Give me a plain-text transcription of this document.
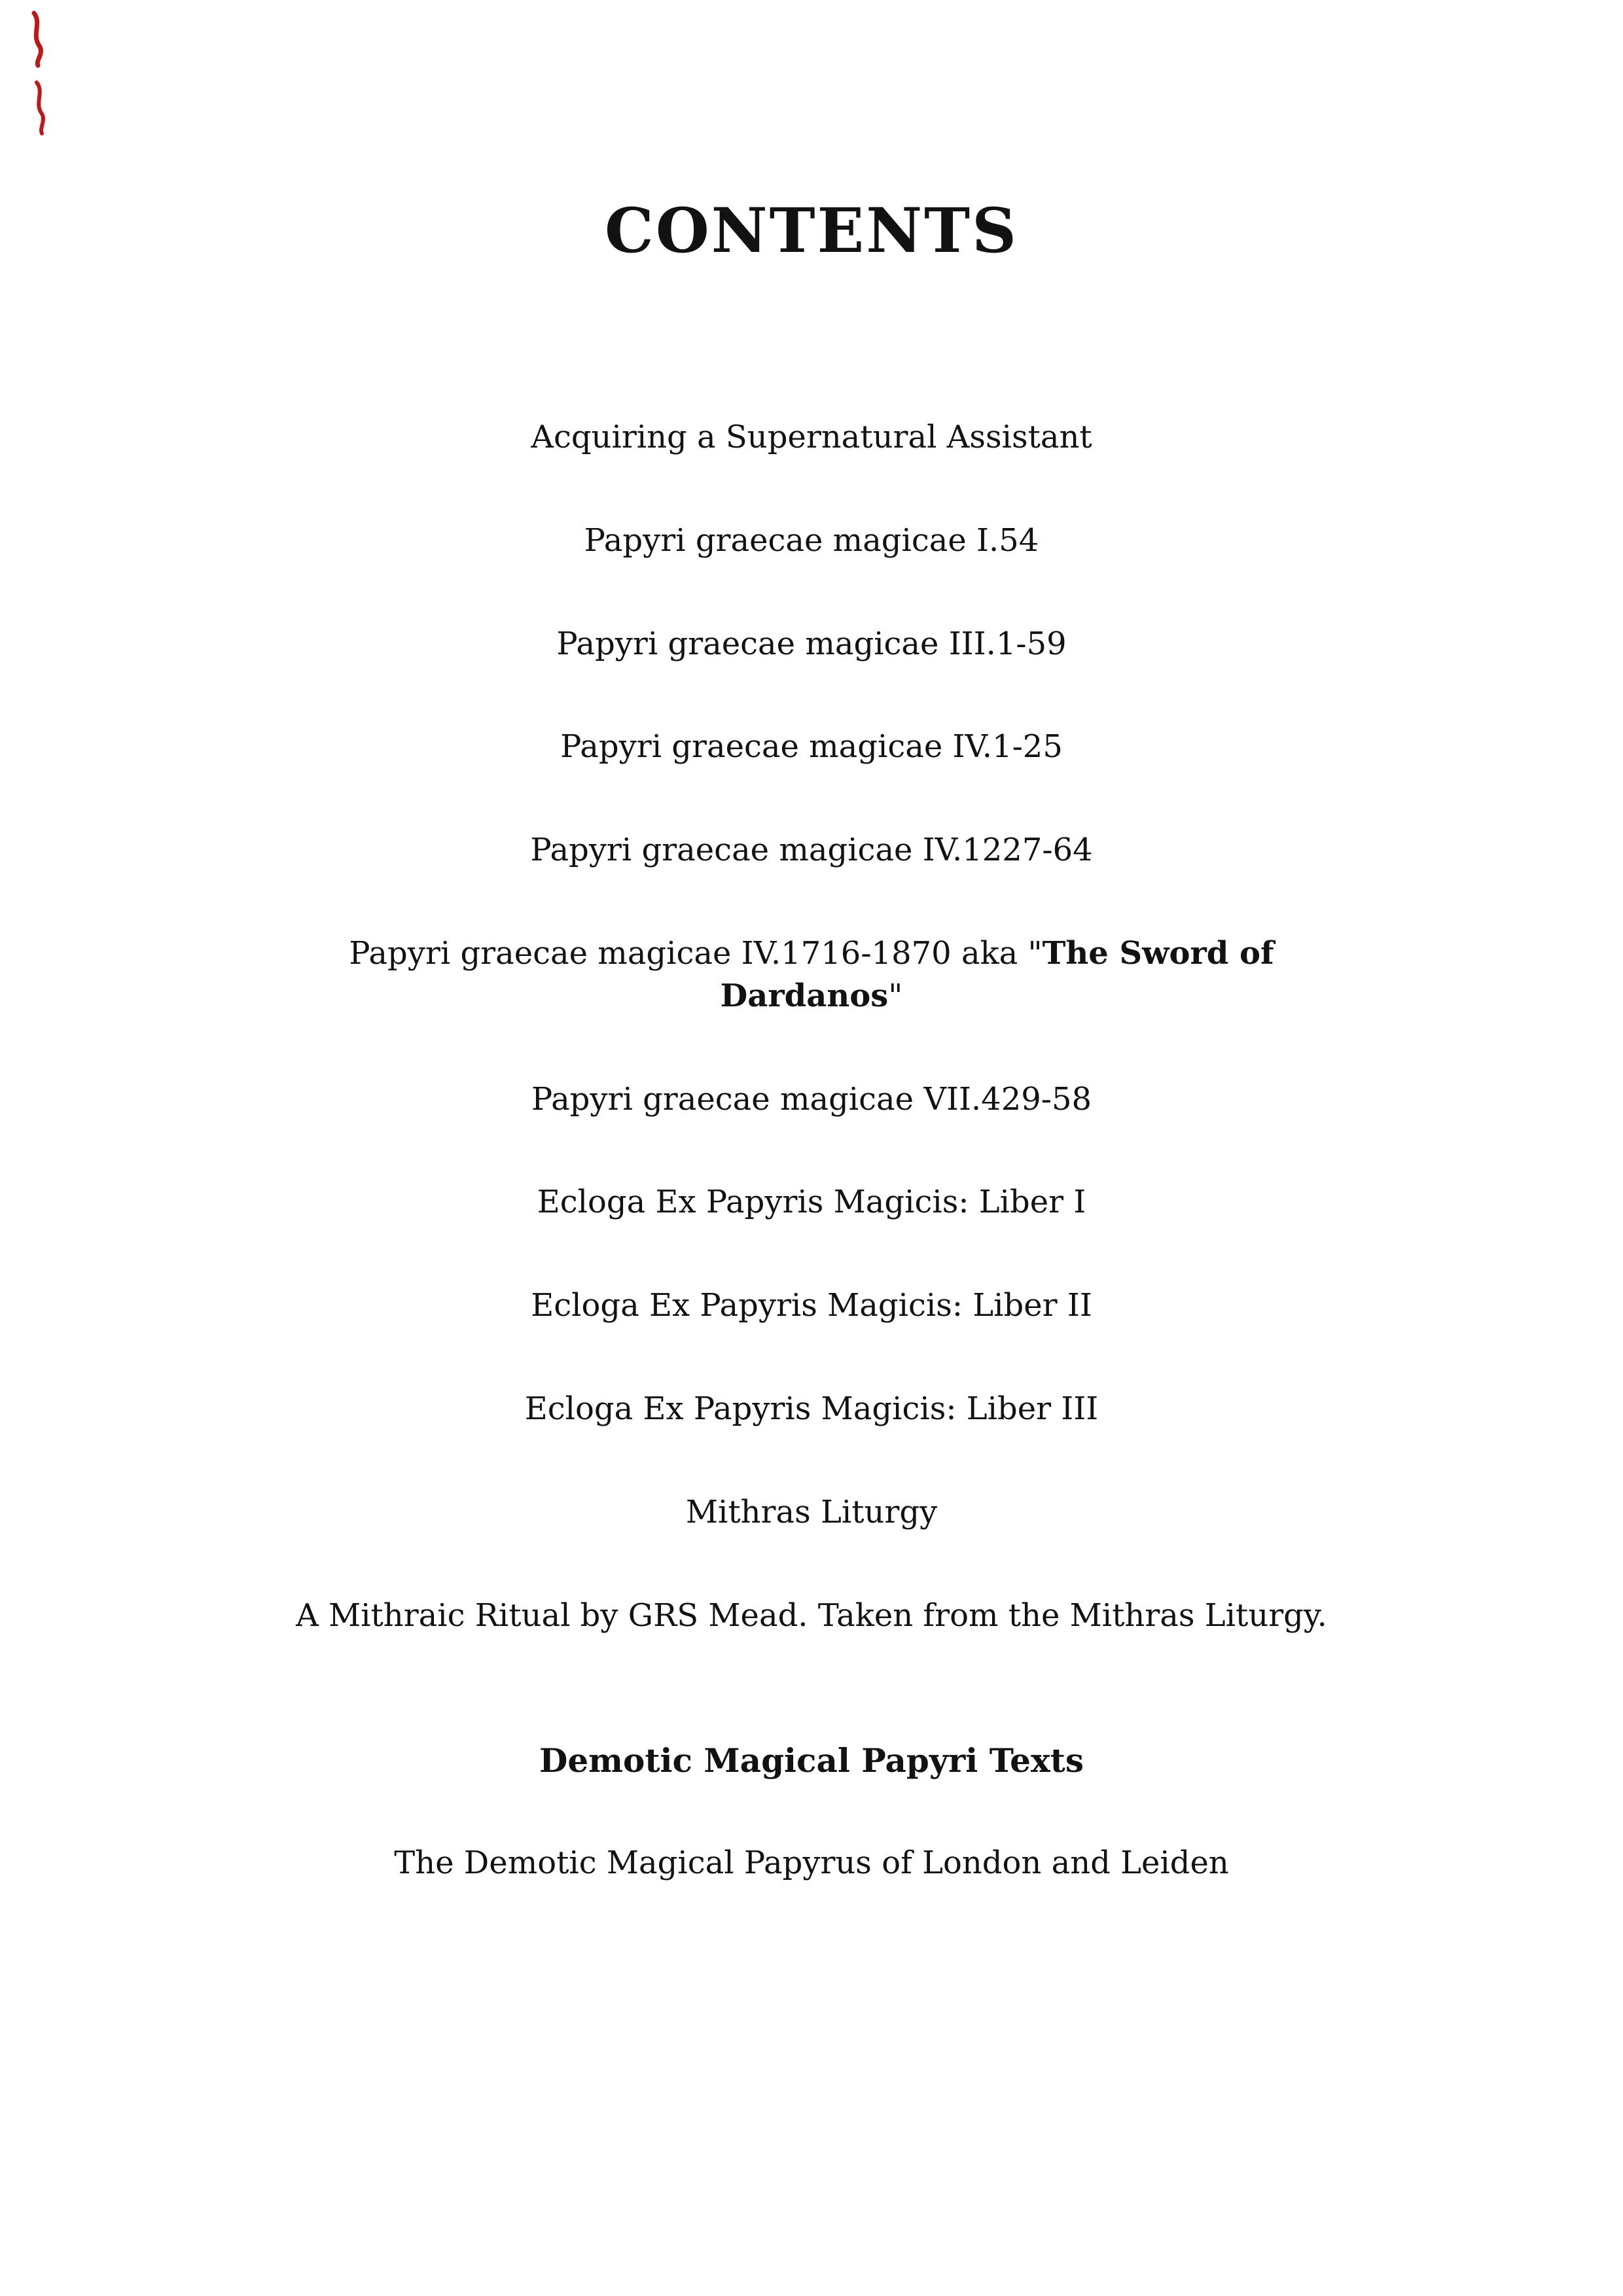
CONTENTS

Acquiring a Supernatural Assistant

Papyri graecae magicae I.54

Papyri graecae magicae III.1-59

Papyri graecae magicae IV.1-25

Papyri graecae magicae IV.1227-64

Papyri graecae magicae IV.1716-1870 aka "The Sword of Dardanos"

Papyri graecae magicae VII.429-58

Ecloga Ex Papyris Magicis: Liber I

Ecloga Ex Papyris Magicis: Liber II

Ecloga Ex Papyris Magicis: Liber III

Mithras Liturgy

A Mithraic Ritual by GRS Mead. Taken from the Mithras Liturgy.

Demotic Magical Papyri Texts

The Demotic Magical Papyrus of London and Leiden
